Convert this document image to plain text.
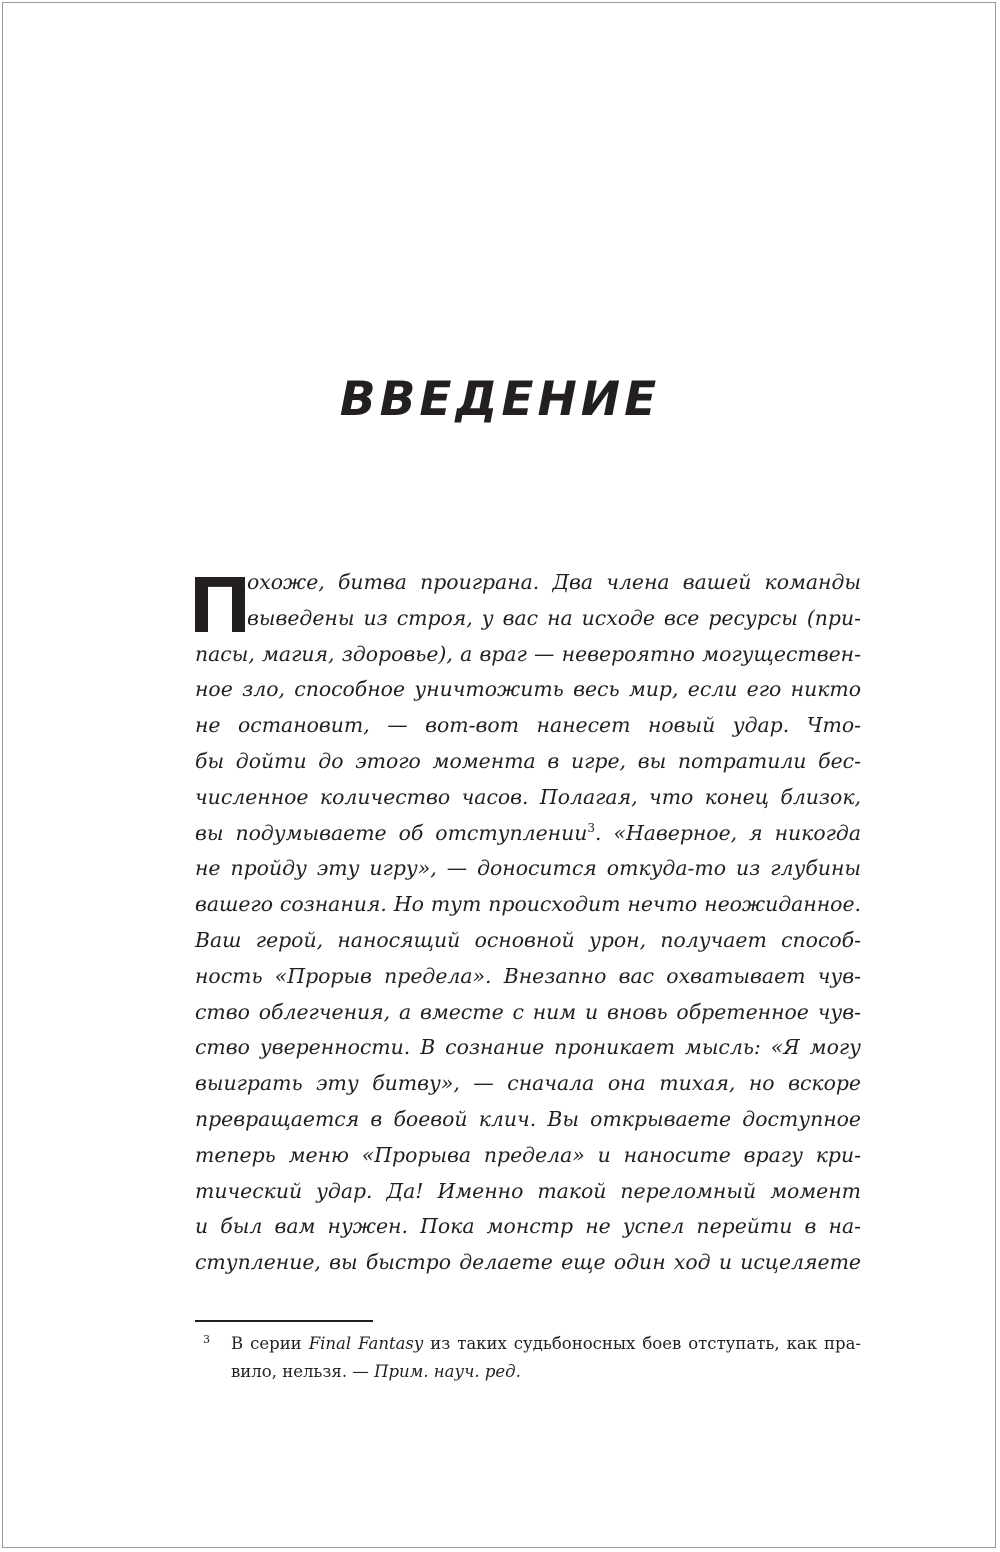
ВВЕДЕНИЕ
охоже, битва проиграна. Два члена вашей команды
выведены из строя, у вас на исходе все ресурсы (при-
пасы, магия, здоровье), а враг — невероятно могуществен-
ное зло, способное уничтожить весь мир, если его никто
не остановит, — вот-вот нанесет новый удар. Что-
бы дойти до этого момента в игре, вы потратили бес-
численное количество часов. Полагая, что конец близок,
вы подумываете об отступлении$^3$. «Наверное, я никогда
не пройду эту игру», — доносится откуда-то из глубины
вашего сознания. Но тут происходит нечто неожиданное.
Ваш герой, наносящий основной урон, получает способ-
ность «Прорыв предела». Внезапно вас охватывает чув-
ство облегчения, а вместе с ним и вновь обретенное чув-
ство уверенности. В сознание проникает мысль: «Я могу
выиграть эту битву», — сначала она тихая, но вскоре
превращается в боевой клич. Вы открываете доступное
теперь меню «Прорыва предела» и наносите врагу кри-
тический удар. Да! Именно такой переломный момент
и был вам нужен. Пока монстр не успел перейти в на-
ступление, вы быстро делаете еще один ход и исцеляете
3	В серии Final Fantasy из таких судьбоносных боев отступать, как пра-
вило, нельзя. — Прим. науч. ред.
